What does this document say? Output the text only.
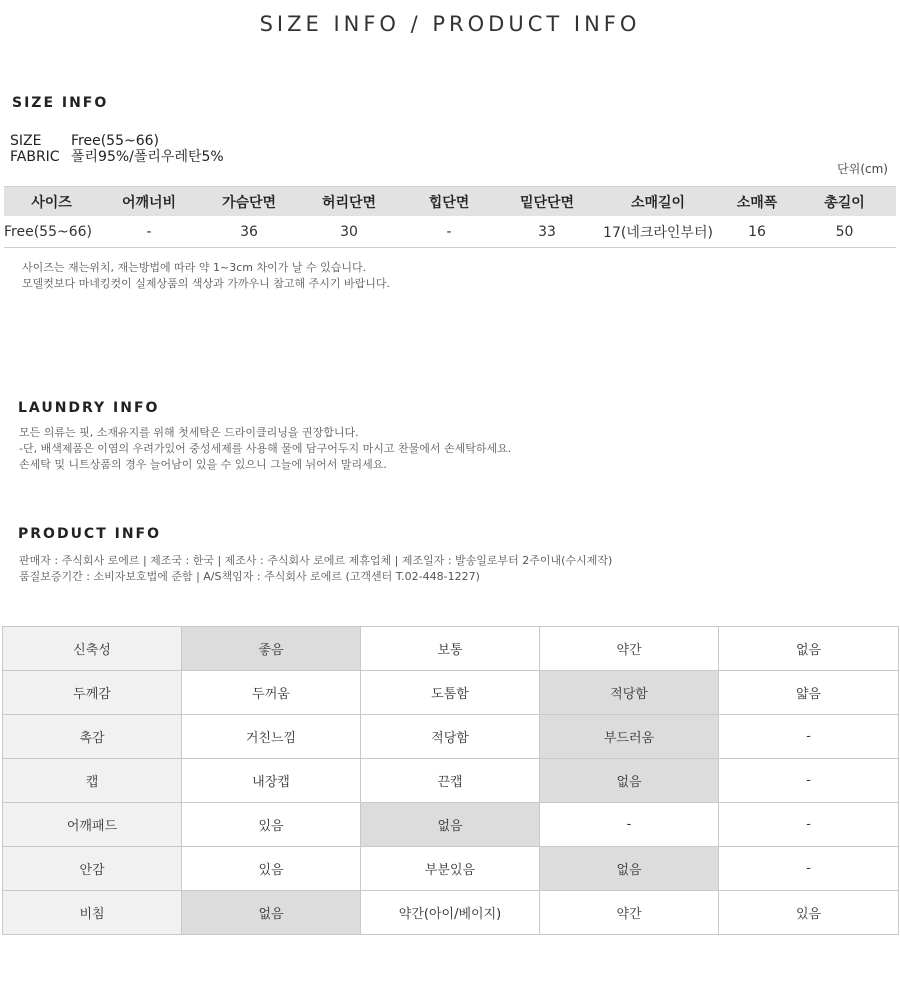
SIZE INFO / PRODUCT INFO
SIZE INFO
SIZE	Free(55~66)
FABRIC 폴리95%/폴리우레탄5%
단위(cm)
사이즈	어깨너비	가슴단면	허리단면	힙단면	밑단단면	소매길이	소매폭	총길이
Free(55~66)	-	36	30	-	33	17(네크라인부터)	16	50
사이즈는 재는위치, 재는방법에 따라 약 1~3cm 차이가 날 수 있습니다.
모델컷보다 마네킹컷이 실제상품의 색상과 가까우니 참고해 주시기 바랍니다.
LAUNDRY INFO
모든 의류는 핏, 소재유지를 위해 첫세탁은 드라이클리닝을 권장합니다.
-단, 배색제품은 이염의 우려가있어 중성세제를 사용해 물에 담구어두지 마시고 찬물에서 손세탁하세요.
손세탁 및 니트상품의 경우 늘어남이 있을 수 있으니 그늘에 뉘어서 말리세요.
PRODUCT INFO
판매자 : 주식회사 로에르 | 제조국 : 한국 | 제조사 : 주식회사 로에르 제휴업체 | 제조일자 : 발송일로부터 2주이내(수시제작)
품질보증기간 : 소비자보호법에 준함 | A/S책임자 : 주식회사 로에르 (고객센터 T.02-448-1227)
신축성	좋음	보통	약간	없음
두께감	두꺼움	도톰함	적당함	얇음
촉감	거친느낌	적당함	부드러움	-
캡	내장캡	끈캡	없음	-
어깨패드	있음	없음	-	-
안감	있음	부분있음	없음	-
비침	없음	약간(아이/베이지)	약간	있음
